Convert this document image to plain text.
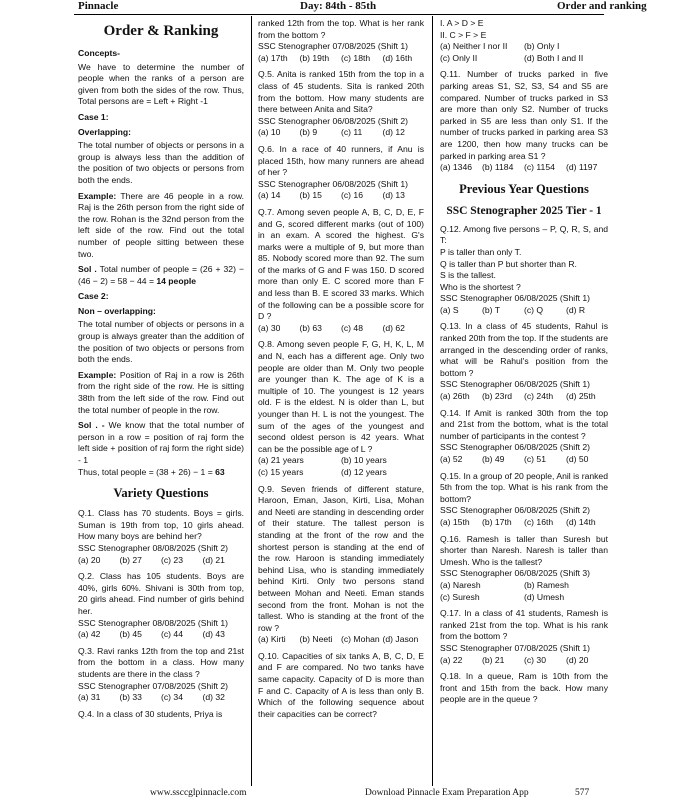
Pinnacle	Day: 84th - 85th	Order and ranking
Order & Ranking

Concepts-

We have to determine the number of people when the ranks of a person are given from both the sides of the row. Thus, Total persons are = Left + Right -1

Case 1:

Overlapping:

The total number of objects or persons in a group is always less than the addition of the position of two objects or persons from both the ends.

Example: There are 46 people in a row. Raj is the 26th person from the right side of the row. Rohan is the 32nd person from the left side of the row. Find out the total number of people sitting between these two.

Sol . Total number of people = (26 + 32) − (46 − 2) = 58 − 44 = 14 people

Case 2:

Non – overlapping:

The total number of objects or persons in a group is always greater than the addition of the position of two objects or persons from both the ends.

Example: Position of Raj in a row is 26th from the right side of the row. He is sitting 38th from the left side of the row. Find out the total number of people in the row.

Sol . - We know that the total number of person in a row = position of raj form the left side + position of raj form the right side) - 1

Thus, total people = (38 + 26) − 1 = 63

Variety Questions

Q.1. Class has 70 students. Boys = girls. Suman is 19th from top, 10 girls ahead. How many boys are behind her?

SSC Stenographer 08/08/2025 (Shift 2)

(a) 20	(b) 27	(c) 23	(d) 21

Q.2. Class has 105 students. Boys are 40%, girls 60%. Shivani is 30th from top, 20 girls ahead. Find number of girls behind her.

SSC Stenographer 08/08/2025 (Shift 1)

(a) 42	(b) 45	(c) 44	(d) 43

Q.3. Ravi ranks 12th from the top and 21st from the bottom in a class. How many students are there in the class ?

SSC Stenographer 07/08/2025 (Shift 2)

(a) 31	(b) 33	(c) 34	(d) 32

Q.4. In a class of 30 students, Priya is

ranked 12th from the top. What is her rank from the bottom ?

SSC Stenographer 07/08/2025 (Shift 1)

(a) 17th	(b) 19th	(c) 18th	(d) 16th

Q.5. Anita is ranked 15th from the top in a class of 45 students. Sita is ranked 20th from the bottom. How many students are there between Anita and Sita?

SSC Stenographer 06/08/2025 (Shift 2)

(a) 10	(b) 9	(c) 11	(d) 12

Q.6. In a race of 40 runners, if Anu is placed 15th, how many runners are ahead of her ?

SSC Stenographer 06/08/2025 (Shift 1)

(a) 14	(b) 15	(c) 16	(d) 13

Q.7. Among seven people A, B, C, D, E, F and G, scored different marks (out of 100) in an exam. A scored the highest. G's marks were a multiple of 9, but more than 85. Nobody scored more than 92. The sum of the marks of G and F was 150. D scored more than only E. C scored more than F and less than B. E scored 33 marks. Which of the following can be a possible score for D ?

(a) 30	(b) 63	(c) 48	(d) 62

Q.8. Among seven people F, G, H, K, L, M and N, each has a different age. Only two people are older than M. Only two people are younger than K. The age of K is a multiple of 10. The youngest is 12 years old. F is the eldest. N is older than L, but younger than H. L is not the youngest. The sum of the ages of the youngest and second oldest person is 42 years. What can be the possible age of L ?

(a) 21 years	(b) 10 years
(c) 15 years	(d) 12 years

Q.9. Seven friends of different stature, Haroon, Eman, Jason, Kirti, Lisa, Mohan and Neeti are standing in descending order of their stature. The tallest person is standing at the front of the row and the shortest person is standing at the end of the row. Haroon is standing immediately behind Lisa, who is standing immediately behind Kirti. Only two persons stand between Mohan and Neeti. Eman stands second from the front. Mohan is not the tallest. Who is standing at the front of the row ?

(a) Kirti	(b) Neeti (c) Mohan (d) Jason

Q.10. Capacities of six tanks A, B, C, D, E and F are compared. No two tanks have same capacity. Capacity of D is more than F and C. Capacity of A is less than only B. Which of the following sequence about their capacities can be correct?

I. A > D > E

II. C > F > E

(a) Neither I nor II	(b) Only I
(c) Only II	(d) Both I and II

Q.11. Number of trucks parked in five parking areas S1, S2, S3, S4 and S5 are compared. Number of trucks parked in S3 are more than only S2. Number of trucks parked in S5 are less than only S1. If the number of trucks parked in parking area S3 are 1200, then how many trucks can be parked in parking area S1 ?

(a) 1346	(b) 1184	(c) 1154	(d) 1197
Previous Year Questions
SSC Stenographer 2025 Tier - 1

Q.12. Among five persons – P, Q, R, S, and T:

P is taller than only T.

Q is taller than P but shorter than R.

S is the tallest.

Who is the shortest ?

SSC Stenographer 06/08/2025 (Shift 1)

(a) S	(b) T	(c) Q	(d) R

Q.13. In a class of 45 students, Rahul is ranked 20th from the top. If the students are arranged in the descending order of ranks, what will be Rahul's position from the bottom ?

SSC Stenographer 06/08/2025 (Shift 1)

(a) 26th	(b) 23rd	(c) 24th	(d) 25th

Q.14. If Amit is ranked 30th from the top and 21st from the bottom, what is the total number of participants in the contest ?

SSC Stenographer 06/08/2025 (Shift 2)

(a) 52	(b) 49	(c) 51	(d) 50

Q.15. In a group of 20 people, Anil is ranked 5th from the top. What is his rank from the bottom?

SSC Stenographer 06/08/2025 (Shift 2)

(a) 15th	(b) 17th	(c) 16th	(d) 14th

Q.16. Ramesh is taller than Suresh but shorter than Naresh. Naresh is taller than Umesh. Who is the tallest?

SSC Stenographer 06/08/2025 (Shift 3)

(a) Naresh	(b) Ramesh
(c) Suresh	(d) Umesh

Q.17. In a class of 41 students, Ramesh is ranked 21st from the top. What is his rank from the bottom ?

SSC Stenographer 07/08/2025 (Shift 1)

(a) 22	(b) 21	(c) 30	(d) 20

Q.18. In a queue, Ram is 10th from the front and 15th from the back. How many people are in the queue ?

www.ssccglpinnacle.com	Download Pinnacle Exam Preparation App	577
